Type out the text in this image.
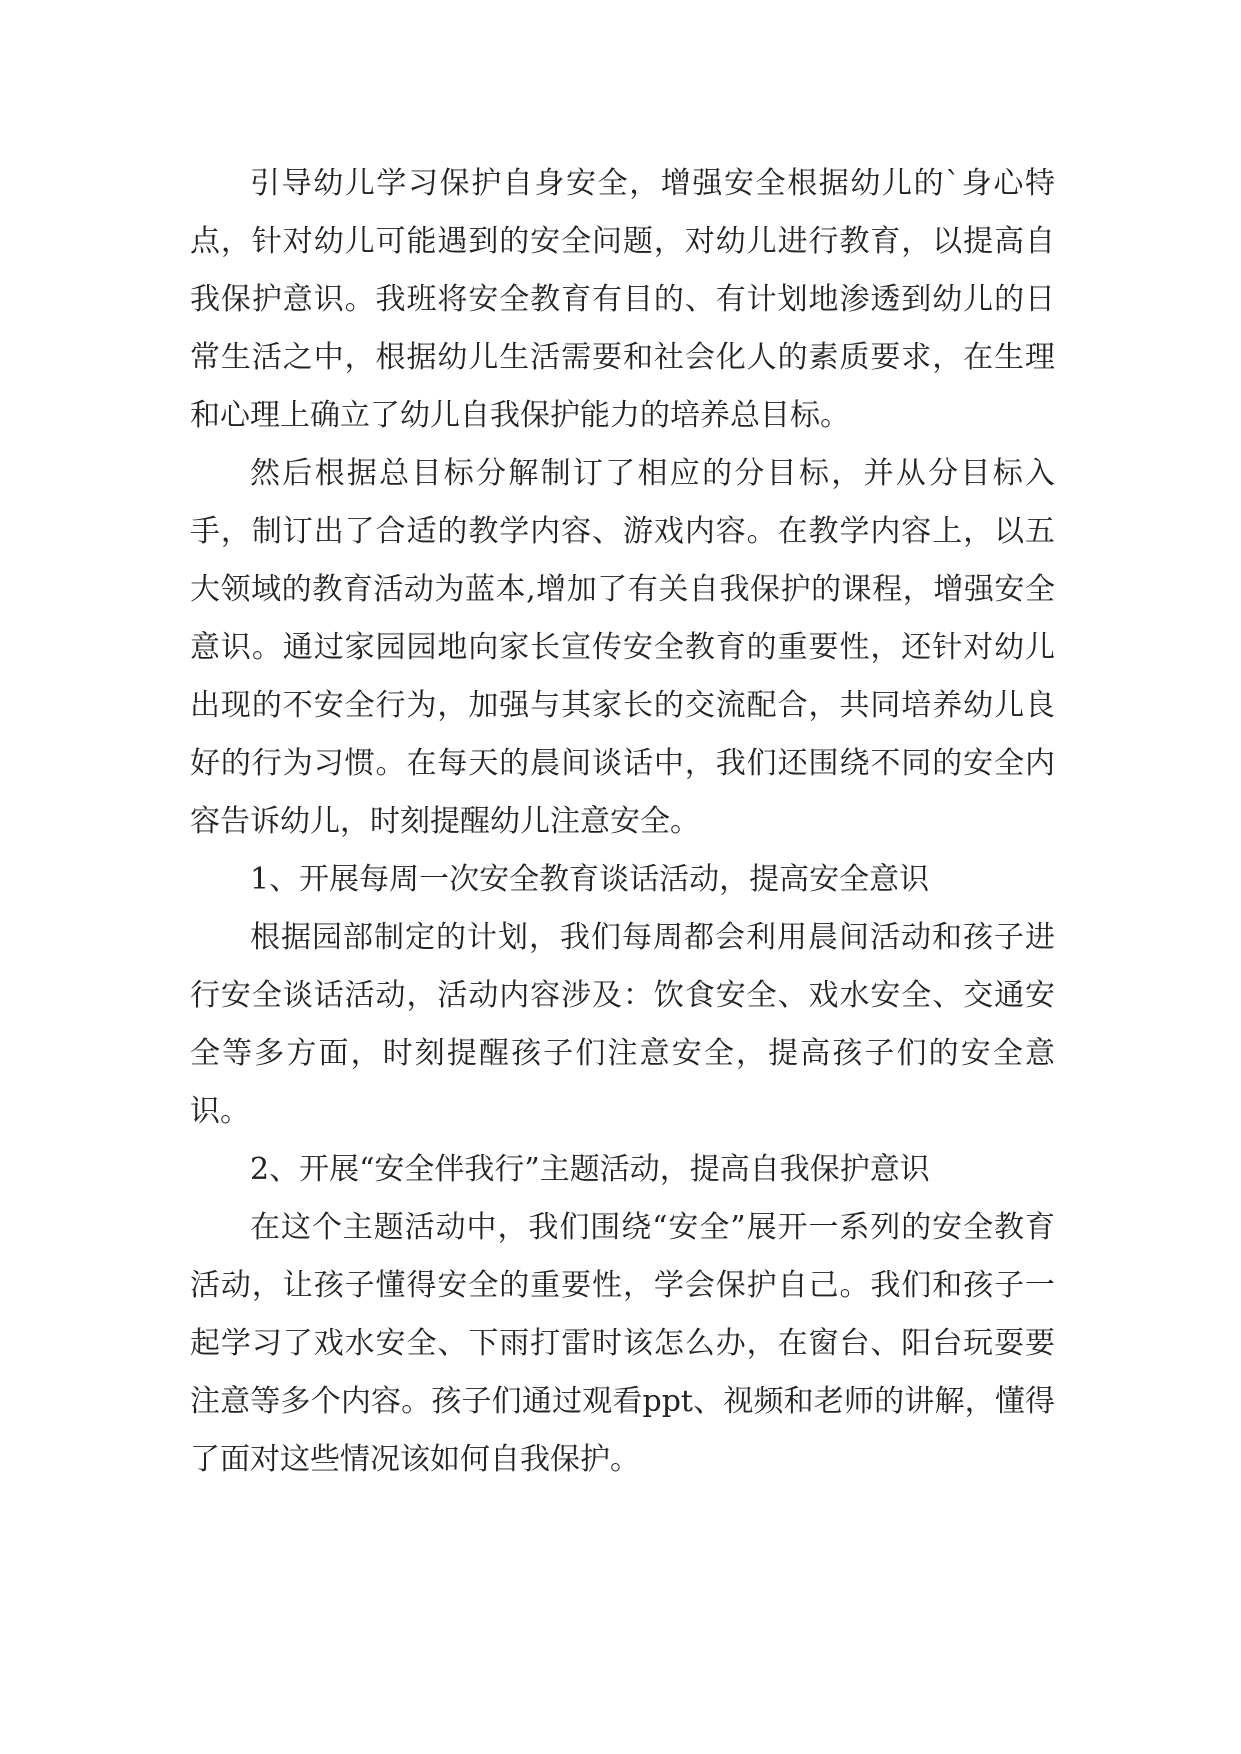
引导幼儿学习保护自身安全，增强安全根据幼儿的`身心特点，针对幼儿可能遇到的安全问题，对幼儿进行教育，以提高自我保护意识。我班将安全教育有目的、有计划地渗透到幼儿的日常生活之中，根据幼儿生活需要和社会化人的素质要求，在生理和心理上确立了幼儿自我保护能力的培养总目标。

然后根据总目标分解制订了相应的分目标，并从分目标入手，制订出了合适的教学内容、游戏内容。在教学内容上，以五大领域的教育活动为蓝本,增加了有关自我保护的课程，增强安全意识。通过家园园地向家长宣传安全教育的重要性，还针对幼儿出现的不安全行为，加强与其家长的交流配合，共同培养幼儿良好的行为习惯。在每天的晨间谈话中，我们还围绕不同的安全内容告诉幼儿，时刻提醒幼儿注意安全。

1、开展每周一次安全教育谈话活动，提高安全意识

根据园部制定的计划，我们每周都会利用晨间活动和孩子进行安全谈话活动，活动内容涉及：饮食安全、戏水安全、交通安全等多方面，时刻提醒孩子们注意安全，提高孩子们的安全意识。

2、开展“安全伴我行”主题活动，提高自我保护意识

在这个主题活动中，我们围绕“安全”展开一系列的安全教育活动，让孩子懂得安全的重要性，学会保护自己。我们和孩子一起学习了戏水安全、下雨打雷时该怎么办，在窗台、阳台玩耍要注意等多个内容。孩子们通过观看ppt、视频和老师的讲解，懂得了面对这些情况该如何自我保护。
